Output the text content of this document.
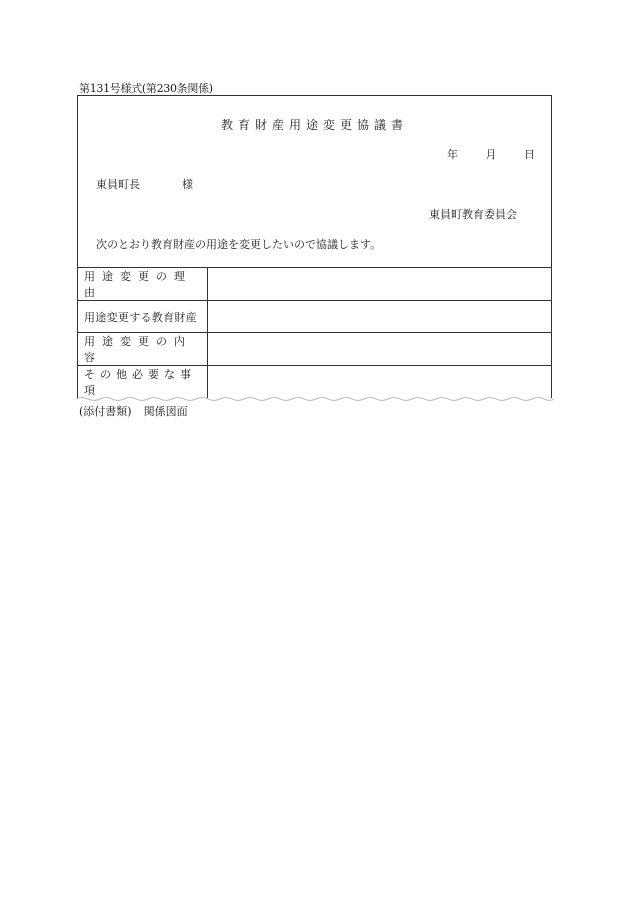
第131号様式(第230条関係)
教育財産用途変更協議書
年	月	日
東員町長	様
東員町教育委員会
次のとおり教育財産の用途を変更したいので協議します。
用途変更の理由	
用途変更する教育財産	
用途変更の内容	
その他必要な事項	
(添付書類) 関係図面
